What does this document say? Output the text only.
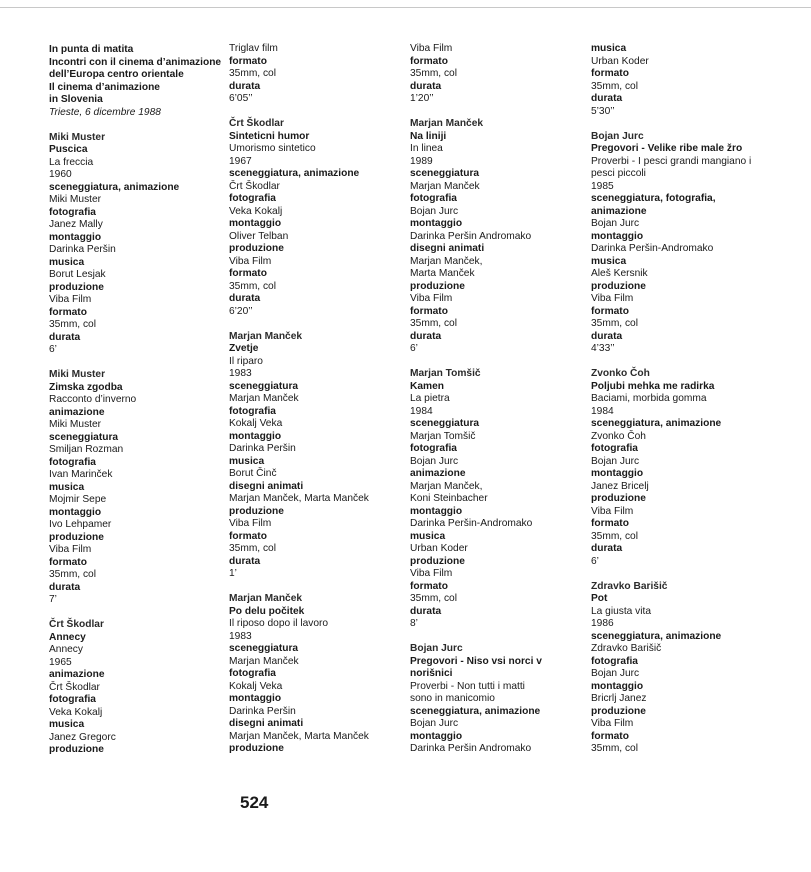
In punta di matita
Incontri con il cinema d’animazione
dell’Europa centro orientale
Il cinema d’animazione
in Slovenia
Trieste, 6 dicembre 1988
Miki Muster
Puscica
La freccia
1960
sceneggiatura, animazione
Miki Muster
fotografia
Janez Mally
montaggio
Darinka Peršin
musica
Borut Lesjak
produzione
Viba Film
formato
35mm, col
durata
6’
Miki Muster
Zimska zgodba
Racconto d’inverno
animazione
Miki Muster
sceneggiatura
Smiljan Rozman
fotografia
Ivan Marinček
musica
Mojmir Sepe
montaggio
Ivo Lehpamer
produzione
Viba Film
formato
35mm, col
durata
7’
Črt Škodlar
Annecy
Annecy
1965
animazione
Črt Škodlar
fotografia
Veka Kokalj
musica
Janez Gregorc
produzione
Triglav film
formato
35mm, col
durata
6’05’’
Črt Škodlar
Sinteticni humor
Umorismo sintetico
1967
sceneggiatura, animazione
Črt Škodlar
fotografia
Veka Kokalj
montaggio
Oliver Telban
produzione
Viba Film
formato
35mm, col
durata
6’20’’
Marjan Manček
Zvetje
Il riparo
1983
sceneggiatura
Marjan Manček
fotografia
Kokalj Veka
montaggio
Darinka Peršin
musica
Borut Činč
disegni animati
Marjan Manček, Marta Manček
produzione
Viba Film
formato
35mm, col
durata
1’
Marjan Manček
Po delu počitek
Il riposo dopo il lavoro
1983
sceneggiatura
Marjan Manček
fotografia
Kokalj Veka
montaggio
Darinka Peršin
disegni animati
Marjan Manček, Marta Manček
produzione
Viba Film
formato
35mm, col
durata
1’20’’
Marjan Manček
Na liniji
In linea
1989
sceneggiatura
Marjan Manček
fotografia
Bojan Jurc
montaggio
Darinka Peršin Andromako
disegni animati
Marjan Manček,
Marta Manček
produzione
Viba Film
formato
35mm, col
durata
6’
Marjan Tomšič
Kamen
La pietra
1984
sceneggiatura
Marjan Tomšič
fotografia
Bojan Jurc
animazione
Marjan Manček,
Koni Steinbacher
montaggio
Darinka Peršin-Andromako
musica
Urban Koder
produzione
Viba Film
formato
35mm, col
durata
8’
Bojan Jurc
Pregovori - Niso vsi norci v
norišnici
Proverbi - Non tutti i matti
sono in manicomio
sceneggiatura, animazione
Bojan Jurc
montaggio
Darinka Peršin Andromako
musica
Urban Koder
formato
35mm, col
durata
5’30’’
Bojan Jurc
Pregovori - Velike ribe male žro
Proverbi - I pesci grandi mangiano i
pesci piccoli
1985
sceneggiatura, fotografia,
animazione
Bojan Jurc
montaggio
Darinka Peršin-Andromako
musica
Aleš Kersnik
produzione
Viba Film
formato
35mm, col
durata
4’33’’
Zvonko Čoh
Poljubi mehka me radirka
Baciami, morbida gomma
1984
sceneggiatura, animazione
Zvonko Čoh
fotografia
Bojan Jurc
montaggio
Janez Bricelj
produzione
Viba Film
formato
35mm, col
durata
6’
Zdravko Barišič
Pot
La giusta vita
1986
sceneggiatura, animazione
Zdravko Barišič
fotografia
Bojan Jurc
montaggio
Bricrlj Janez
produzione
Viba Film
formato
35mm, col
524
